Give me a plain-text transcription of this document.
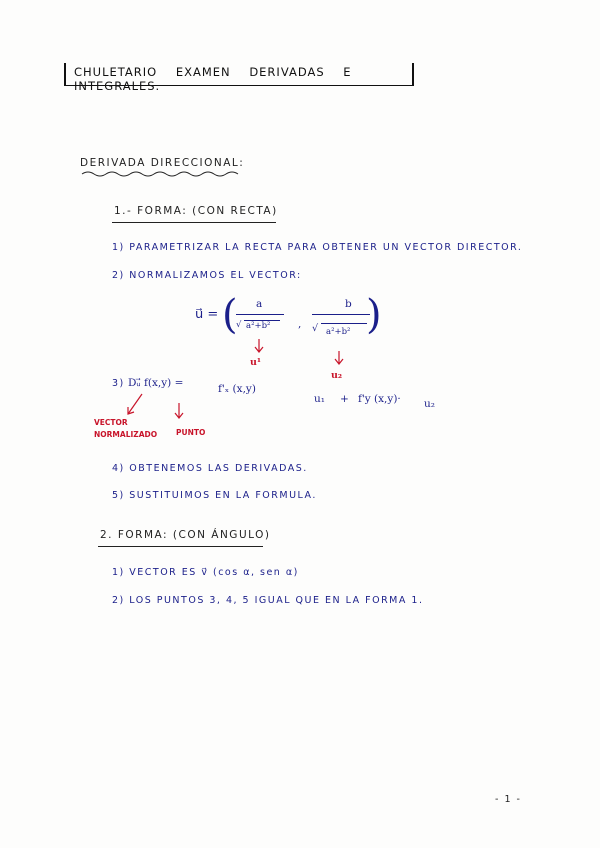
CHULETARIO EXAMEN DERIVADAS E INTEGRALES.
DERIVADA DIRECCIONAL:
1.- FORMA: (CON RECTA)
1) PARAMETRIZAR LA RECTA PARA OBTENER UN VECTOR DIRECTOR.
2) NORMALIZAMOS EL VECTOR:
u⃗ = ( a
√ a²+b²	,
b
√ a²+b² )
u¹
u₂
3) Dᵤ⃗ f(x,y) =	f'ₓ (x,y)
u₁ + f'y (x,y)· u₂
VECTOR NORMALIZADO	PUNTO
4) OBTENEMOS LAS DERIVADAS.
5) SUSTITUIMOS EN LA FORMULA.
2. FORMA: (CON ÁNGULO)
1) VECTOR ES v⃗ (cos α, sen α)
2) LOS PUNTOS 3, 4, 5 IGUAL QUE EN LA FORMA 1.
- 1 -
